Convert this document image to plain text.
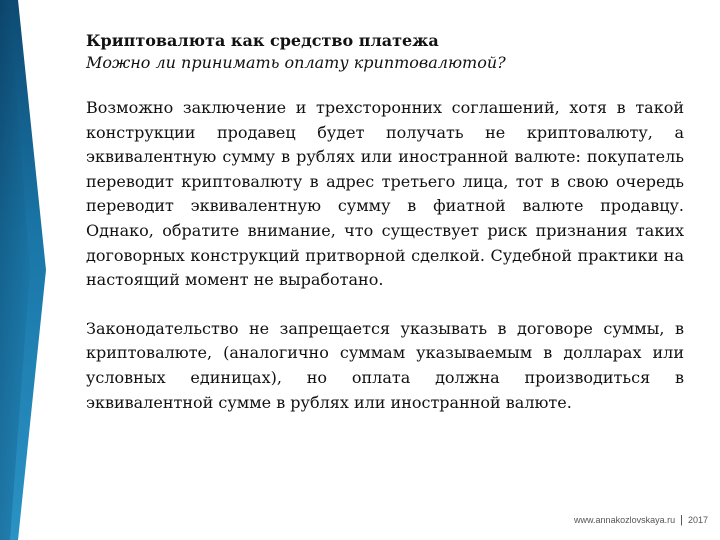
Криптовалюта как средство платежа

Можно ли принимать оплату криптовалютой?

Возможно заключение и трехсторонних соглашений, хотя в такой конструкции продавец будет получать не криптовалюту, а эквивалентную сумму в рублях или иностранной валюте: покупатель переводит криптовалюту в адрес третьего лица, тот в свою очередь переводит эквивалентную сумму в фиатной валюте продавцу. Однако, обратите внимание, что существует риск признания таких договорных конструкций притворной сделкой. Судебной практики на настоящий момент не выработано.

Законодательство не запрещается указывать в договоре суммы, в криптовалюте, (аналогично суммам указываемым в долларах или условных единицах), но оплата должна производиться в эквивалентной сумме в рублях или иностранной валюте.

www.annakozlovskaya.ru | 2017
